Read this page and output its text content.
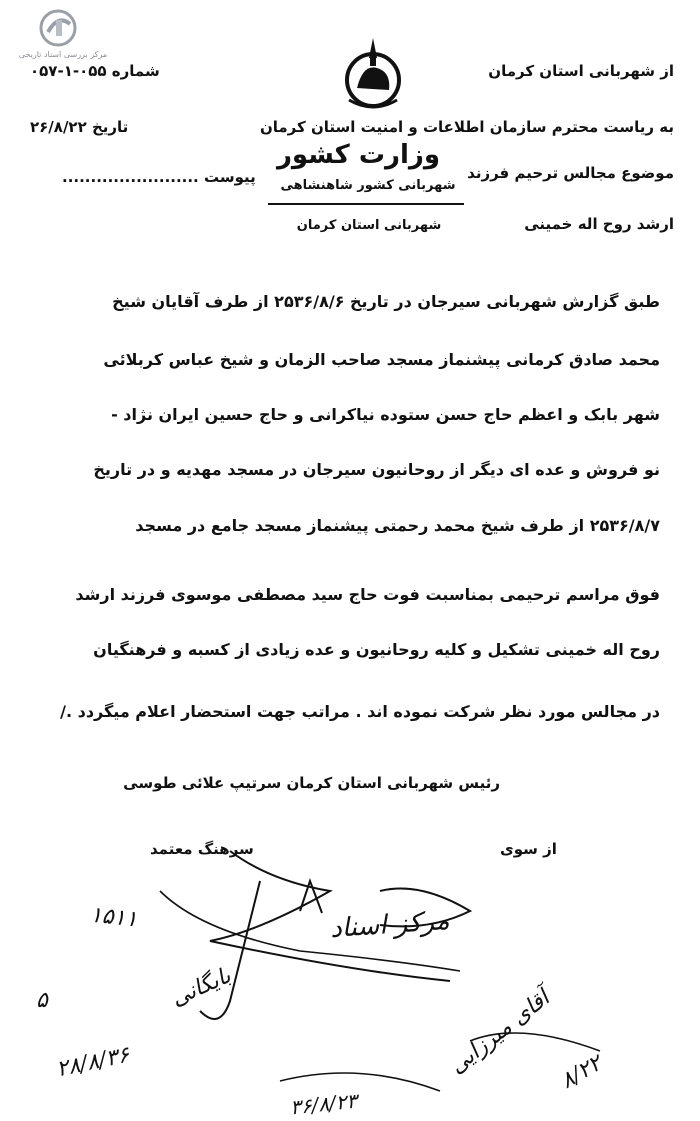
مرکز بررسی اسناد تاریخی
از شهربانی استان کرمان
به ریاست محترم سازمان اطلاعات و امنیت استان کرمان
موضوع مجالس ترحیم فرزند
ارشد روح اله خمینی
شماره ۰۵۵-۱-۰۵۷
تاریخ ۲۶/۸/۲۲
پیوست ........................
وزارت کشور
شهربانی کشور شاهنشاهی
شهربانی استان کرمان
طبق گزارش شهربانی سیرجان در تاریخ ۲۵۳۶/۸/۶ از طرف آقایان شیخ
محمد صادق کرمانی پیشنماز مسجد صاحب الزمان و شیخ عباس کربلائی
شهر بابک و اعظم حاج حسن ستوده نیاکرانی و حاج حسین ایران نژاد -
نو فروش و عده ای دیگر از روحانیون سیرجان در مسجد مهدیه و در تاریخ
۲۵۳۶/۸/۷ از طرف شیخ محمد رحمتی پیشنماز مسجد جامع در مسجد
فوق مراسم ترحیمی بمناسبت فوت حاج سید مصطفی موسوی فرزند ارشد
روح اله خمینی تشکیل و کلیه روحانیون و عده زیادی از کسبه و فرهنگیان
در مجالس مورد نظر شرکت نموده اند . مراتب جهت استحضار اعلام میگردد ./
رئیس شهربانی استان کرمان سرتیپ علائی طوسی
از سوی
سرهنگ معتمد
۱۵۱۱	مرکز اسناد
بایگانی
۵
۲۸/۸/۳۶	آقای میرزایی ۸/۲۲
۳۶/۸/۲۳
